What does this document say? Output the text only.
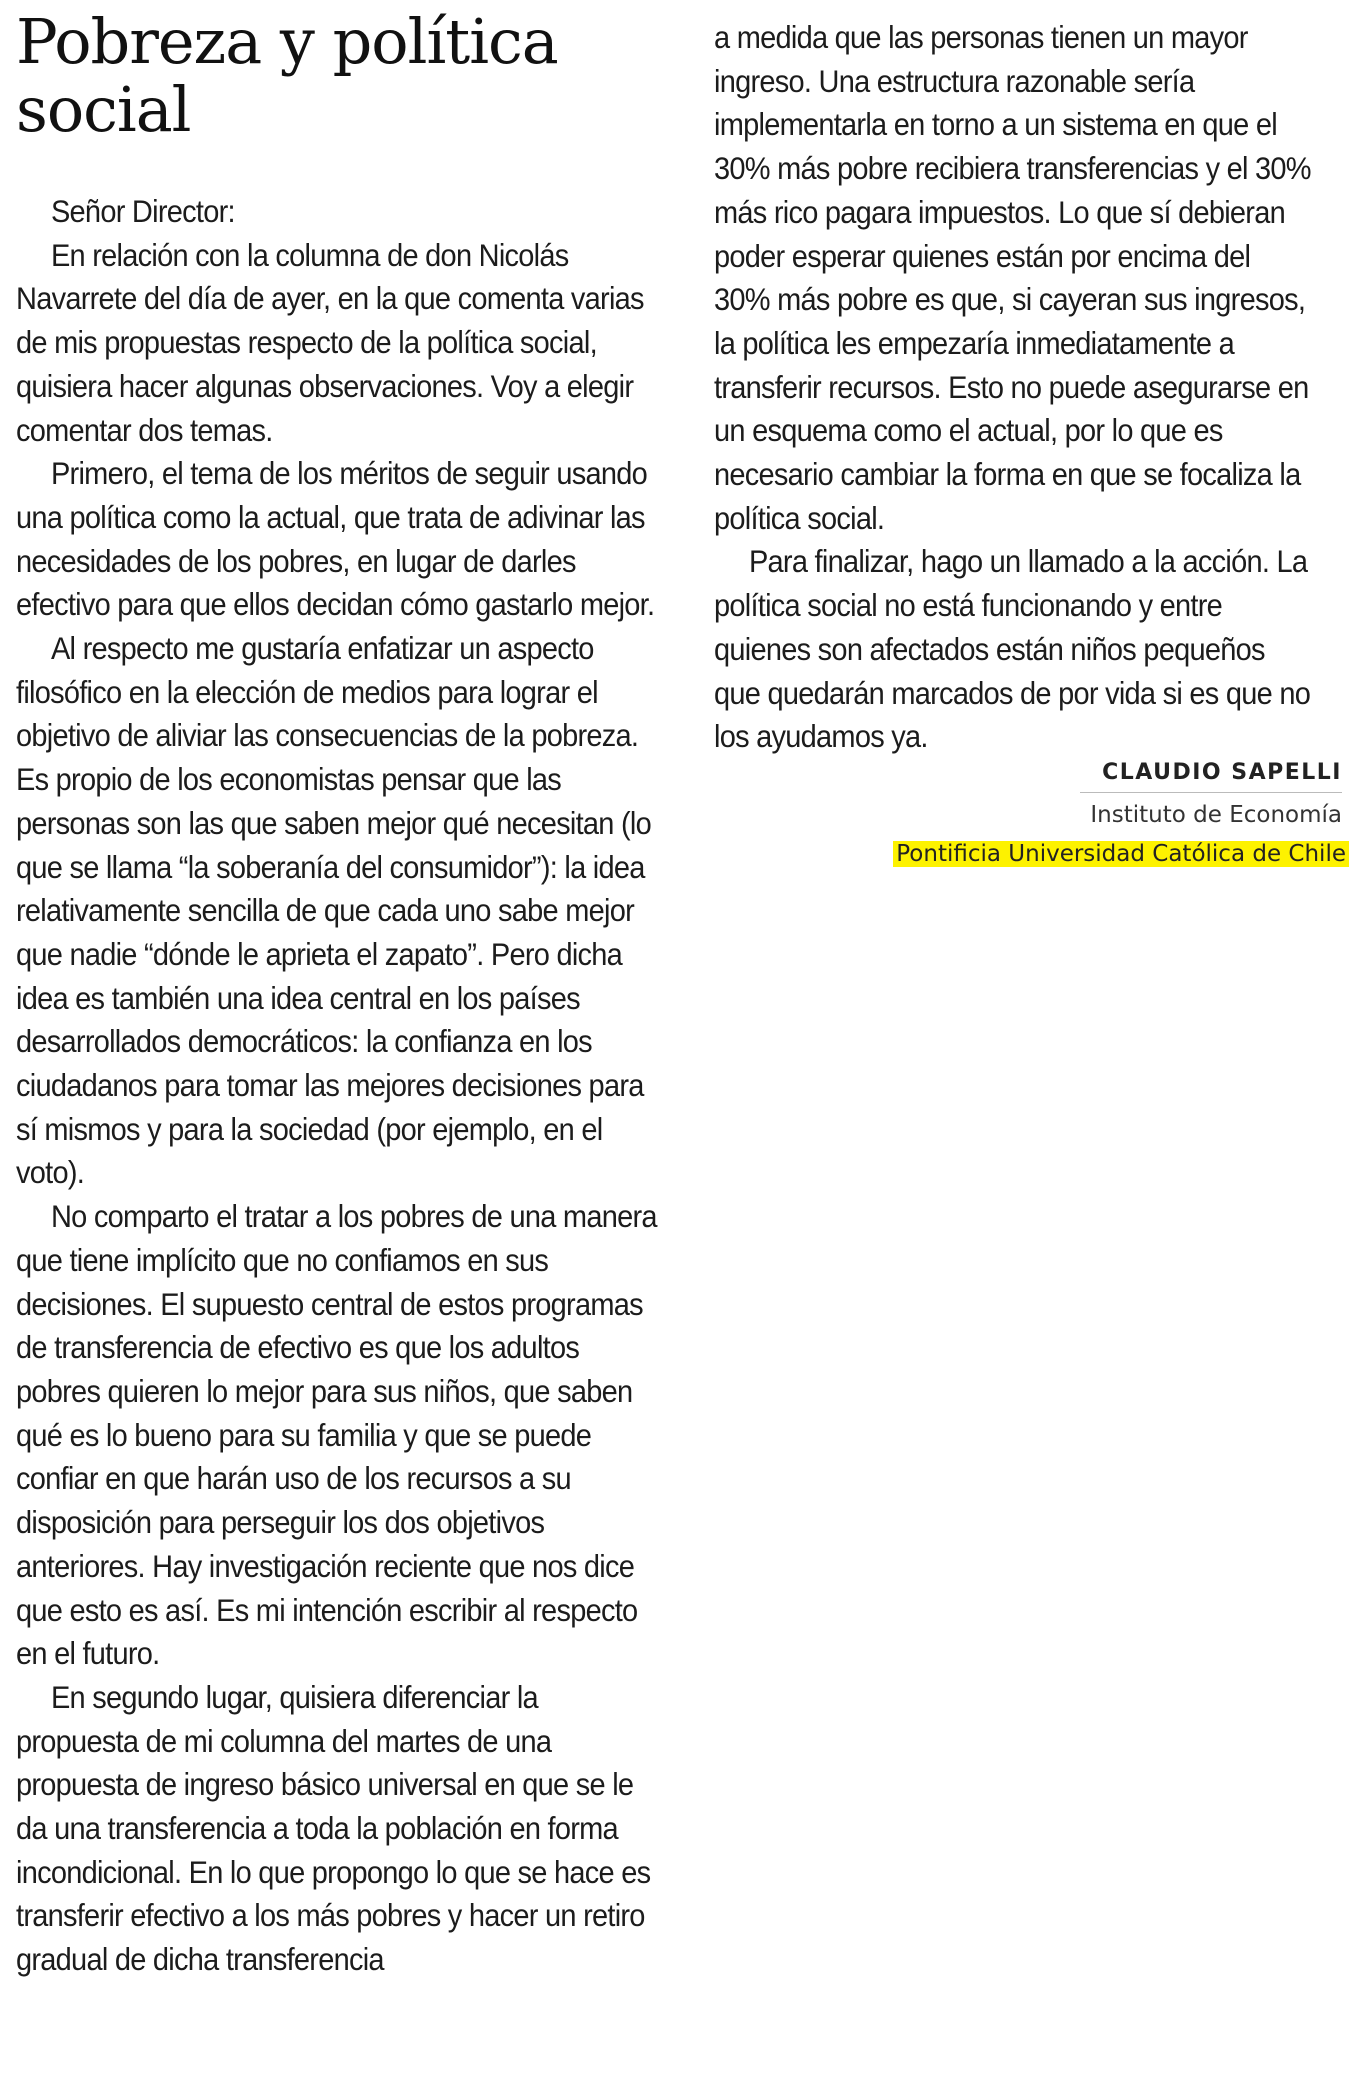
Pobreza y política social

Señor Director:

En relación con la columna de don Nicolás Navarrete del día de ayer, en la que comenta varias de mis propuestas respecto de la política social, quisiera hacer algunas observaciones. Voy a elegir comentar dos temas.

Primero, el tema de los méritos de seguir usando una política como la actual, que trata de adivinar las necesidades de los pobres, en lugar de darles efectivo para que ellos decidan cómo gastarlo mejor.

Al respecto me gustaría enfatizar un aspecto filosófico en la elección de medios para lograr el objetivo de aliviar las consecuencias de la pobreza. Es propio de los economistas pensar que las personas son las que saben mejor qué necesitan (lo que se llama “la soberanía del consumidor”): la idea relativamente sencilla de que cada uno sabe mejor que nadie “dónde le aprieta el zapato”. Pero dicha idea es también una idea central en los países desarrollados democráticos: la confianza en los ciudadanos para tomar las mejores decisiones para sí mismos y para la sociedad (por ejemplo, en el voto).

No comparto el tratar a los pobres de una manera que tiene implícito que no confiamos en sus decisiones. El supuesto central de estos programas de transferencia de efectivo es que los adultos pobres quieren lo mejor para sus niños, que saben qué es lo bueno para su familia y que se puede confiar en que harán uso de los recursos a su disposición para perseguir los dos objetivos anteriores. Hay investigación reciente que nos dice que esto es así. Es mi intención escribir al respecto en el futuro.

En segundo lugar, quisiera diferenciar la propuesta de mi columna del martes de una propuesta de ingreso básico universal en que se le da una transferencia a toda la población en forma incondicional. En lo que propongo lo que se hace es transferir efectivo a los más pobres y hacer un retiro gradual de dicha transferencia

a medida que las personas tienen un mayor ingreso. Una estructura razonable sería implementarla en torno a un sistema en que el 30% más pobre recibiera transferencias y el 30% más rico pagara impuestos. Lo que sí debieran poder esperar quienes están por encima del 30% más pobre es que, si cayeran sus ingresos, la política les empezaría inmediatamente a transferir recursos. Esto no puede asegurarse en un esquema como el actual, por lo que es necesario cambiar la forma en que se focaliza la política social.

Para finalizar, hago un llamado a la acción. La política social no está funcionando y entre quienes son afectados están niños pequeños que quedarán marcados de por vida si es que no los ayudamos ya.

CLAUDIO SAPELLI
Instituto de Economía
Pontificia Universidad Católica de Chile
